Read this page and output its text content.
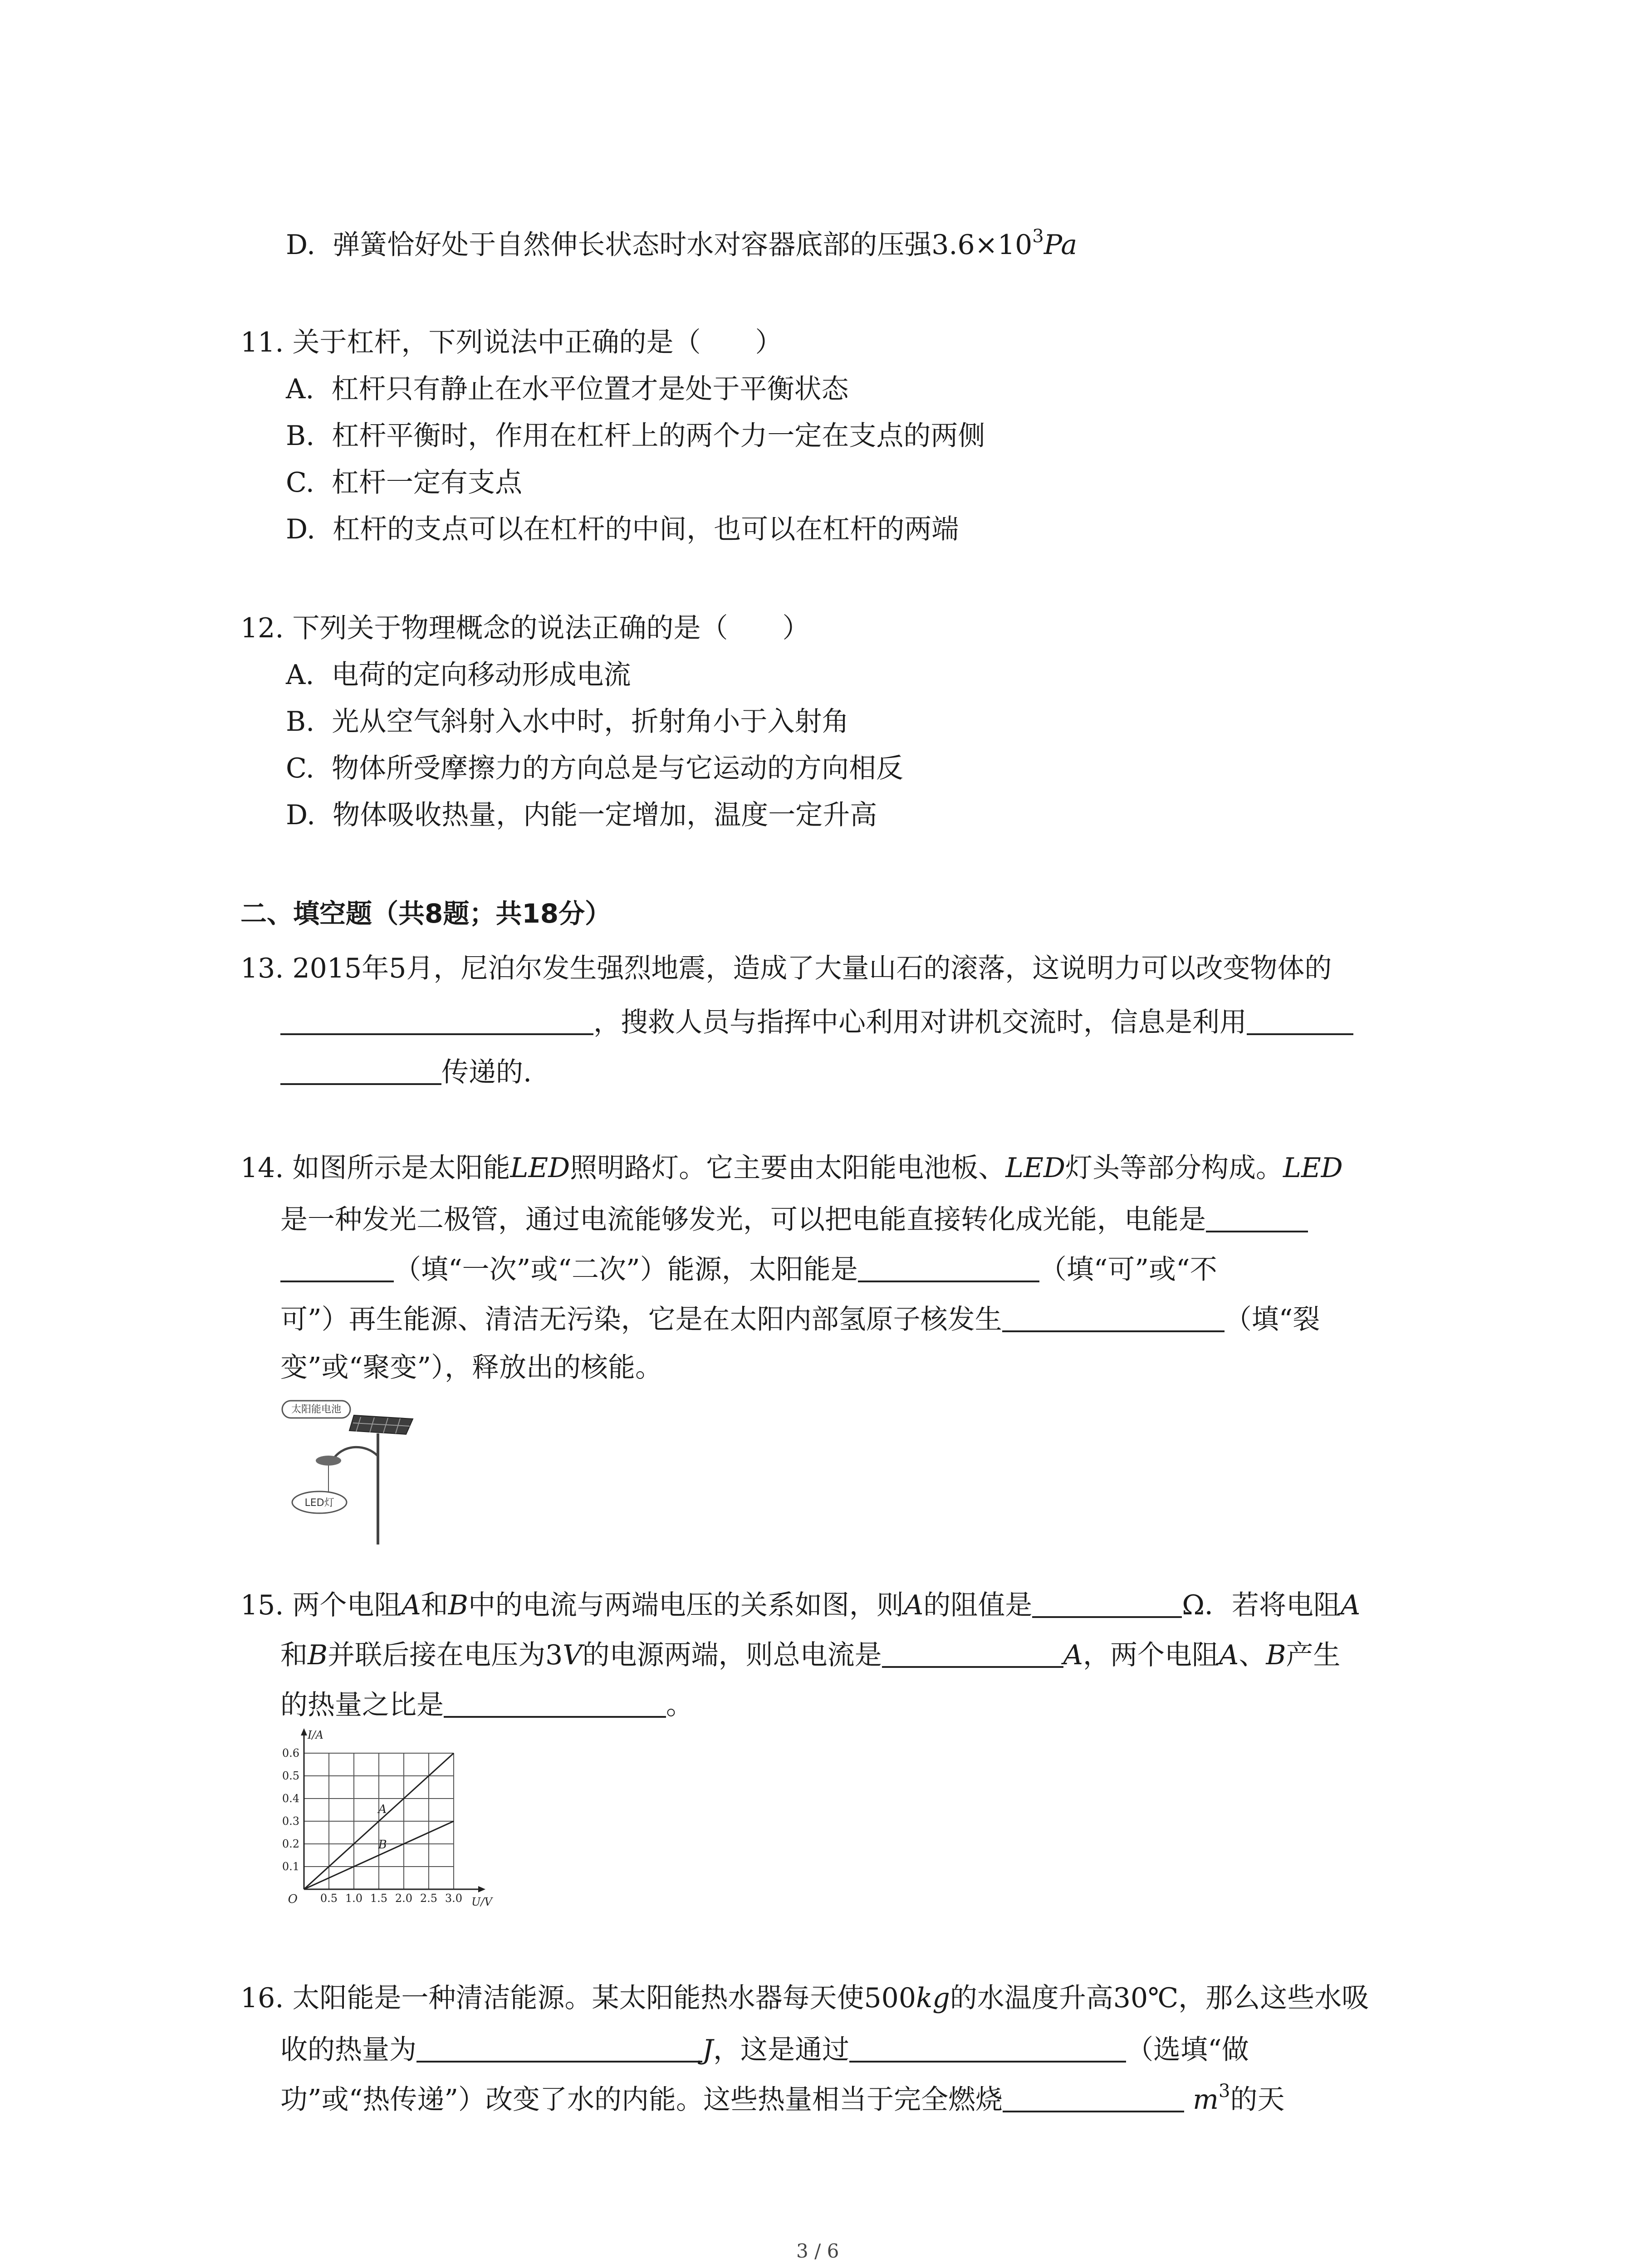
D. 弹簧恰好处于自然伸长状态时水对容器底部的压强$3.6\times 10^3Pa$
11. 关于杠杆，下列说法中正确的是（　　）
A. 杠杆只有静止在水平位置才是处于平衡状态
B. 杠杆平衡时，作用在杠杆上的两个力一定在支点的两侧
C. 杠杆一定有支点
D. 杠杆的支点可以在杠杆的中间，也可以在杠杆的两端
12. 下列关于物理概念的说法正确的是（　　）
A. 电荷的定向移动形成电流
B. 光从空气斜射入水中时，折射角小于入射角
C. 物体所受摩擦力的方向总是与它运动的方向相反
D. 物体吸收热量，内能一定增加，温度一定升高
二、填空题（共8题；共18分）
13. 2015年5月，尼泊尔发生强烈地震，造成了大量山石的滚落，这说明力可以改变物体的
，搜救人员与指挥中心利用对讲机交流时，信息是利用
传递的.
14. 如图所示是太阳能LED照明路灯。它主要由太阳能电池板、LED灯头等部分构成。LED
是一种发光二极管，通过电流能够发光，可以把电能直接转化成光能，电能是
（填“一次”或“二次”）能源，太阳能是	（填“可”或“不
可”）再生能源、清洁无污染，它是在太阳内部氢原子核发生	（填“裂
变”或“聚变”），释放出的核能。
太阳能电池
LED灯
15. 两个电阻A和B中的电流与两端电压的关系如图，则A的阻值是	Ω．若将电阻A
和B并联后接在电压为3V的电源两端，则总电流是	A，两个电阻A、B产生
的热量之比是	。
A
B
0.5 1.0 1.5 2.0 2.5 3.0
0.1
0.2
0.3
0.4
0.5
0.6
O	U/V
I/A
16. 太阳能是一种清洁能源。某太阳能热水器每天使500kg的水温度升高30℃，那么这些水吸
收的热量为	J，这是通过	（选填“做
功”或“热传递”）改变了水的内能。这些热量相当于完全燃烧	$m^3$的天
3 / 6
